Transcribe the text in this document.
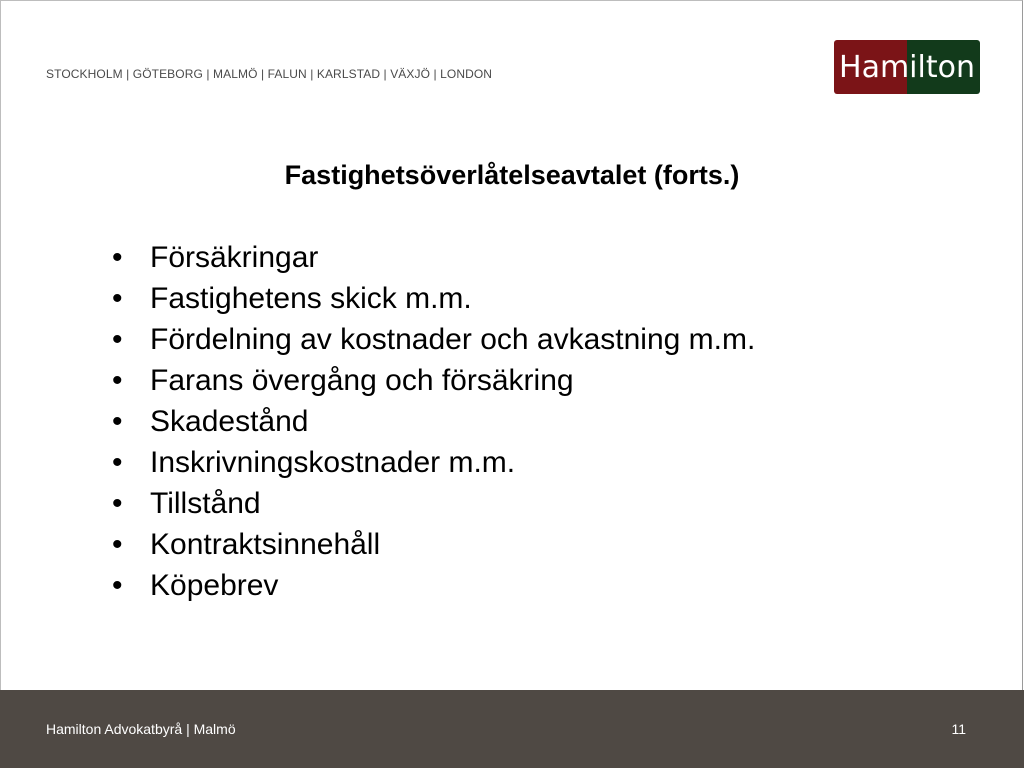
STOCKHOLM | GÖTEBORG | MALMÖ | FALUN | KARLSTAD | VÄXJÖ | LONDON	Hamilton
Fastighetsöverlåtelseavtalet (forts.)
• Försäkringar
• Fastighetens skick m.m.
• Fördelning av kostnader och avkastning m.m.
• Farans övergång och försäkring
• Skadestånd
• Inskrivningskostnader m.m.
• Tillstånd
• Kontraktsinnehåll
• Köpebrev
Hamilton Advokatbyrå | Malmö	11
